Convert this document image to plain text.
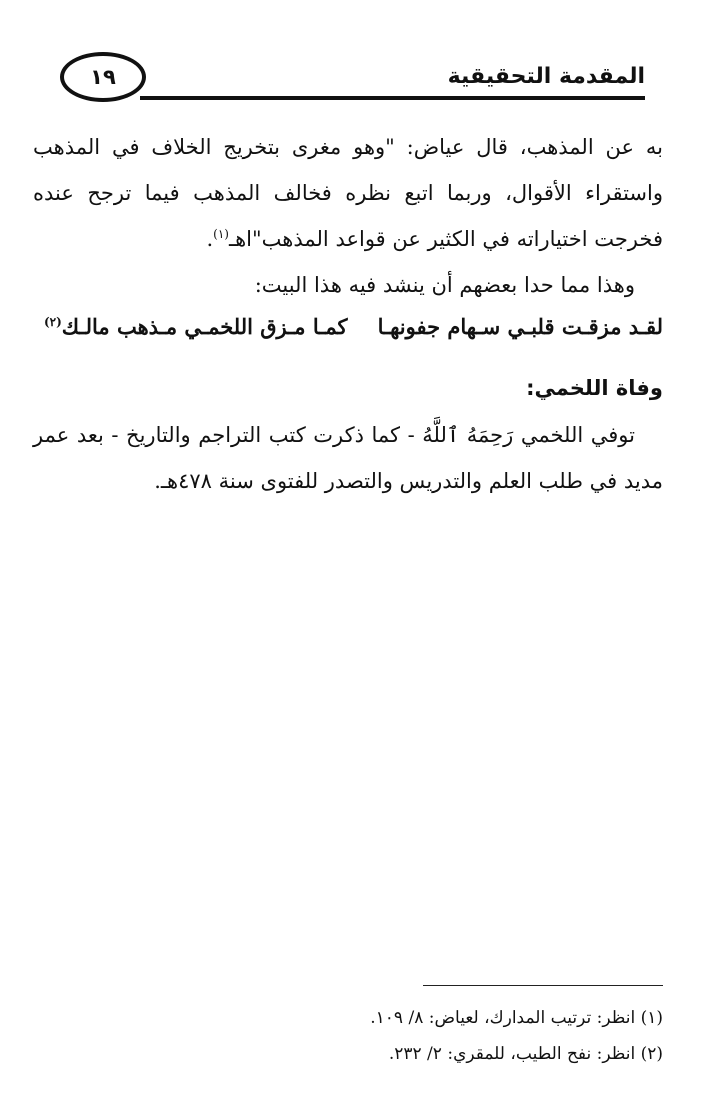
المقدمة التحقيقية
١٩
به عن المذهب، قال عياض: "وهو مغرى بتخريج الخلاف في المذهب واستقراء الأقوال، وربما اتبع نظره فخالف المذهب فيما ترجح عنده فخرجت اختياراته في الكثير عن قواعد المذهب"اهـ$^{(١)}$.
وهذا مما حدا بعضهم أن ينشد فيه هذا البيت:
لقـد مزقـت قلبـي سـهام جفونهـاكمـا مـزق اللخمـي مـذهب مالـك$^{(٢)}$
وفاة اللخمي:
توفي اللخمي رَحِمَهُ ٱللَّهُ - كما ذكرت كتب التراجم والتاريخ - بعد عمر مديد في طلب العلم والتدريس والتصدر للفتوى سنة ٤٧٨هـ.
(١) انظر: ترتيب المدارك، لعياض: ٨/ ١٠٩.
(٢) انظر: نفح الطيب، للمقري: ٢/ ٢٣٢.
